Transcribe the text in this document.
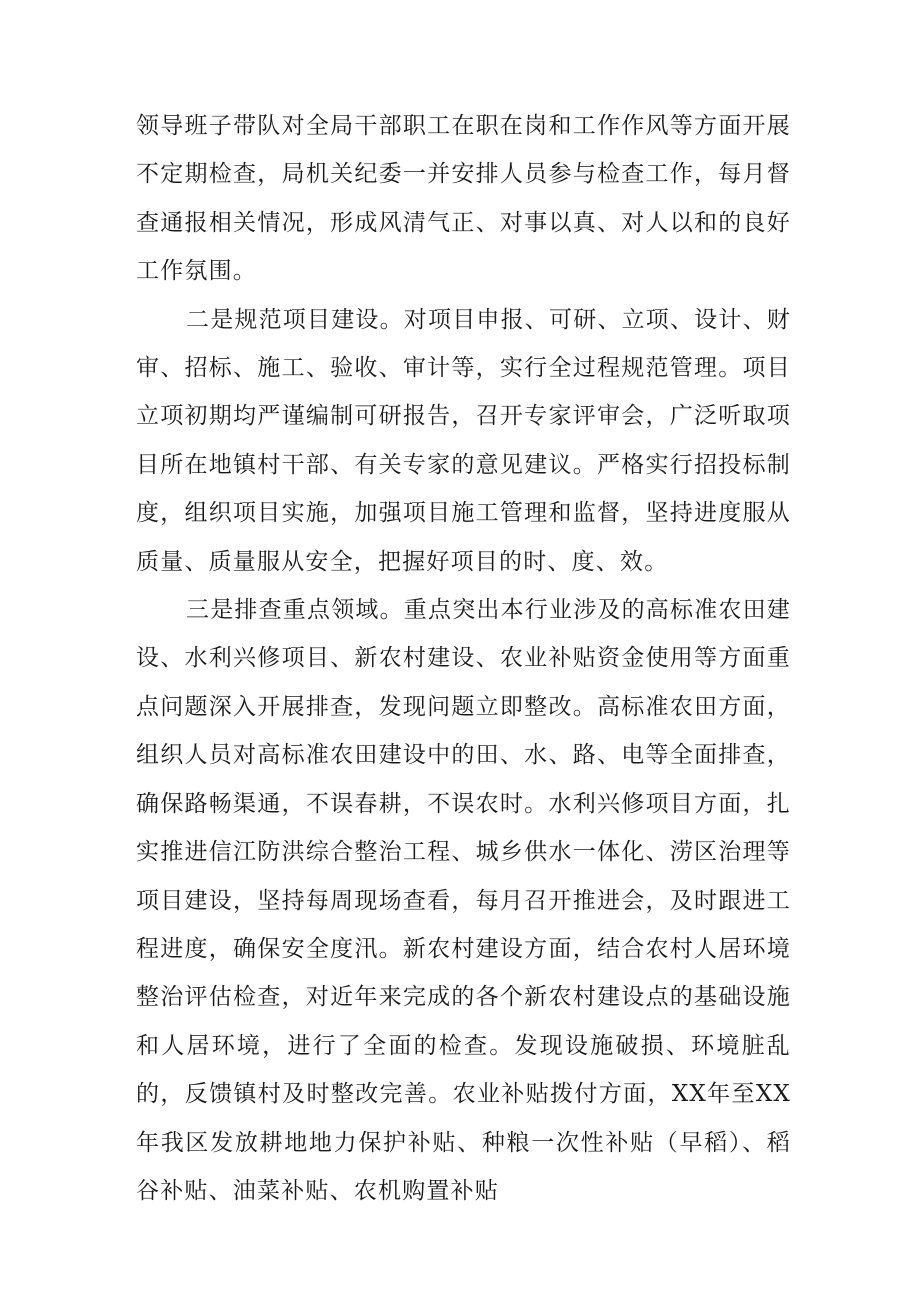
领导班子带队对全局干部职工在职在岗和工作作风等方面开展不定期检查，局机关纪委一并安排人员参与检查工作，每月督查通报相关情况，形成风清气正、对事以真、对人以和的良好工作氛围。

二是规范项目建设。对项目申报、可研、立项、设计、财审、招标、施工、验收、审计等，实行全过程规范管理。项目立项初期均严谨编制可研报告，召开专家评审会，广泛听取项目所在地镇村干部、有关专家的意见建议。严格实行招投标制度，组织项目实施，加强项目施工管理和监督，坚持进度服从质量、质量服从安全，把握好项目的时、度、效。

三是排查重点领域。重点突出本行业涉及的高标准农田建设、水利兴修项目、新农村建设、农业补贴资金使用等方面重点问题深入开展排查，发现问题立即整改。高标准农田方面，组织人员对高标准农田建设中的田、水、路、电等全面排查，确保路畅渠通，不误春耕，不误农时。水利兴修项目方面，扎实推进信江防洪综合整治工程、城乡供水一体化、涝区治理等项目建设，坚持每周现场查看，每月召开推进会，及时跟进工程进度，确保安全度汛。新农村建设方面，结合农村人居环境整治评估检查，对近年来完成的各个新农村建设点的基础设施和人居环境，进行了全面的检查。发现设施破损、环境脏乱的，反馈镇村及时整改完善。农业补贴拨付方面，XX年至XX年我区发放耕地地力保护补贴、种粮一次性补贴（早稻）、稻谷补贴、油菜补贴、农机购置补贴
